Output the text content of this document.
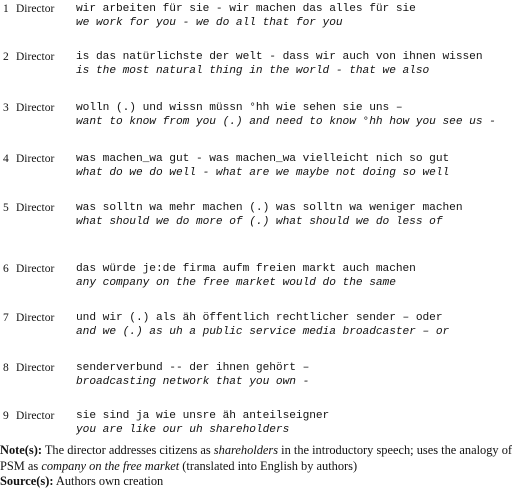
1 Director wir arbeiten für sie - wir machen das alles für sie
we work for you - we do all that for you
2 Director is das natürlichste der welt - dass wir auch von ihnen wissen
is the most natural thing in the world - that we also
3 Director wolln (.) und wissn müssn °hh wie sehen sie uns –
want to know from you (.) and need to know °hh how you see us -
4 Director was machen_wa gut - was machen_wa vielleicht nich so gut
what do we do well - what are we maybe not doing so well
5 Director was solltn wa mehr machen (.) was solltn wa weniger machen
what should we do more of (.) what should we do less of
6 Director das würde je:de firma aufm freien markt auch machen
any company on the free market would do the same
7 Director und wir (.) als äh öffentlich rechtlicher sender – oder
and we (.) as uh a public service media broadcaster – or
8 Director senderverbund -- der ihnen gehört –
broadcasting network that you own -
9 Director sie sind ja wie unsre äh anteilseigner
you are like our uh shareholders
Note(s): The director addresses citizens as shareholders in the introductory speech; uses the analogy of PSM as company on the free market (translated into English by authors)
Source(s): Authors own creation
